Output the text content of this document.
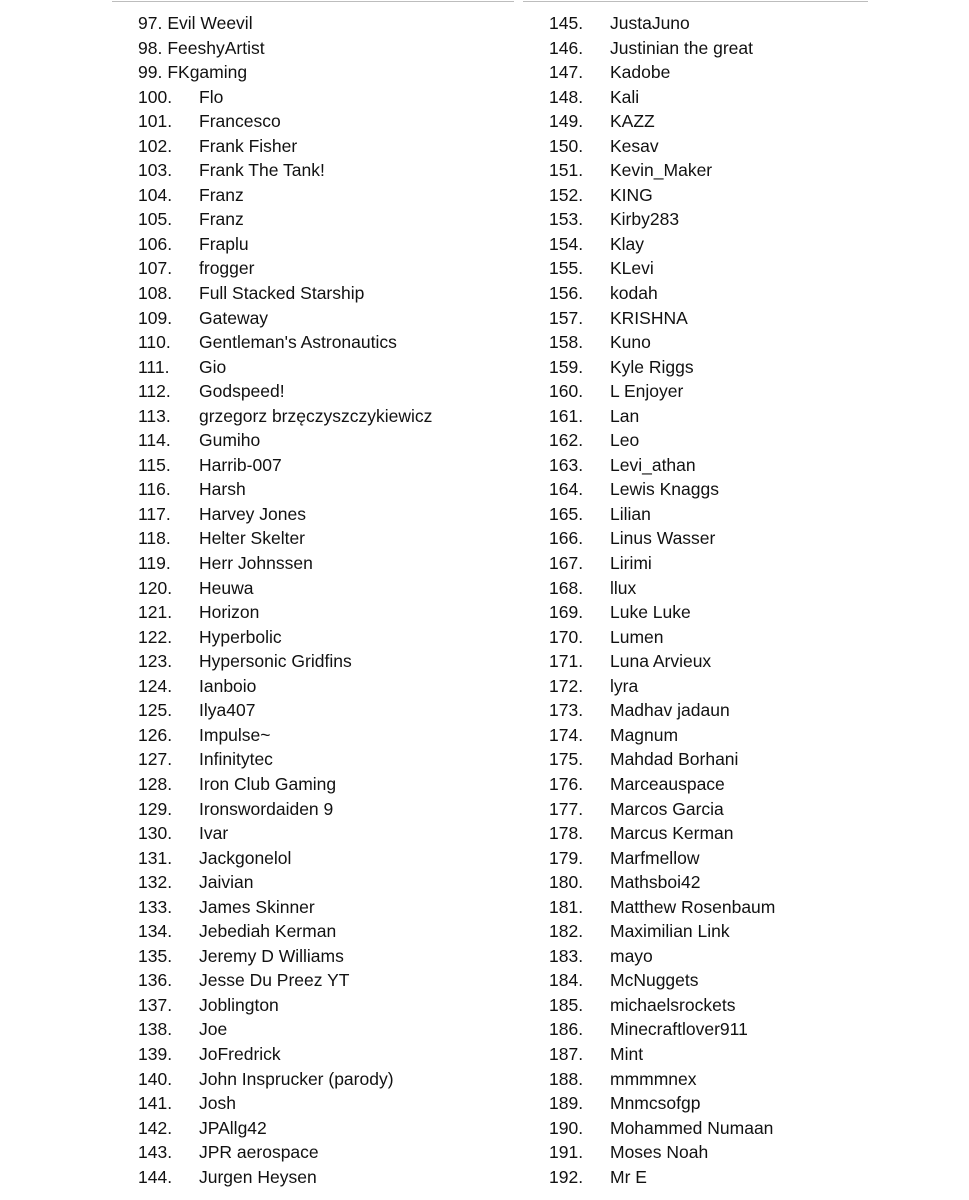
97. Evil Weevil
98. FeeshyArtist
99. FKgaming
100. Flo
101. Francesco
102. Frank Fisher
103. Frank The Tank!
104. Franz
105. Franz
106. Fraplu
107. frogger
108. Full Stacked Starship
109. Gateway
110. Gentleman's Astronautics
111. Gio
112. Godspeed!
113. grzegorz brzęczyszczykiewicz
114. Gumiho
115. Harrib-007
116. Harsh
117. Harvey Jones
118. Helter Skelter
119. Herr Johnssen
120. Heuwa
121. Horizon
122. Hyperbolic
123. Hypersonic Gridfins
124. Ianboio
125. Ilya407
126. Impulse~
127. Infinitytec
128. Iron Club Gaming
129. Ironswordaiden 9
130. Ivar
131. Jackgonelol
132. Jaivian
133. James Skinner
134. Jebediah Kerman
135. Jeremy D Williams
136. Jesse Du Preez YT
137. Joblington
138. Joe
139. JoFredrick
140. John Inspruсker (parody)
141. Josh
142. JPAllg42
143. JPR aerospace
144. Jurgen Heysen
145. JustaJuno
146. Justinian the great
147. Kadobe
148. Kali
149. KAZZ
150. Kesav
151. Kevin_Maker
152. KING
153. Kirby283
154. Klay
155. KLevi
156. kodah
157. KRISHNA
158. Kuno
159. Kyle Riggs
160. L Enjoyer
161. Lan
162. Leo
163. Levi_athan
164. Lewis Knaggs
165. Lilian
166. Linus Wasser
167. Lirimi
168. llux
169. Luke Luke
170. Lumen
171. Luna Arvieux
172. lyra
173. Madhav jadaun
174. Magnum
175. Mahdad Borhani
176. Marceauspace
177. Marcos Garcia
178. Marcus Kerman
179. Marfmellow
180. Mathsboi42
181. Matthew Rosenbaum
182. Maximilian Link
183. mayo
184. McNuggets
185. michaelsrockets
186. Minecraftlover911
187. Mint
188. mmmmnex
189. Mnmcsofgp
190. Mohammed Numaan
191. Moses Noah
192. Mr E
